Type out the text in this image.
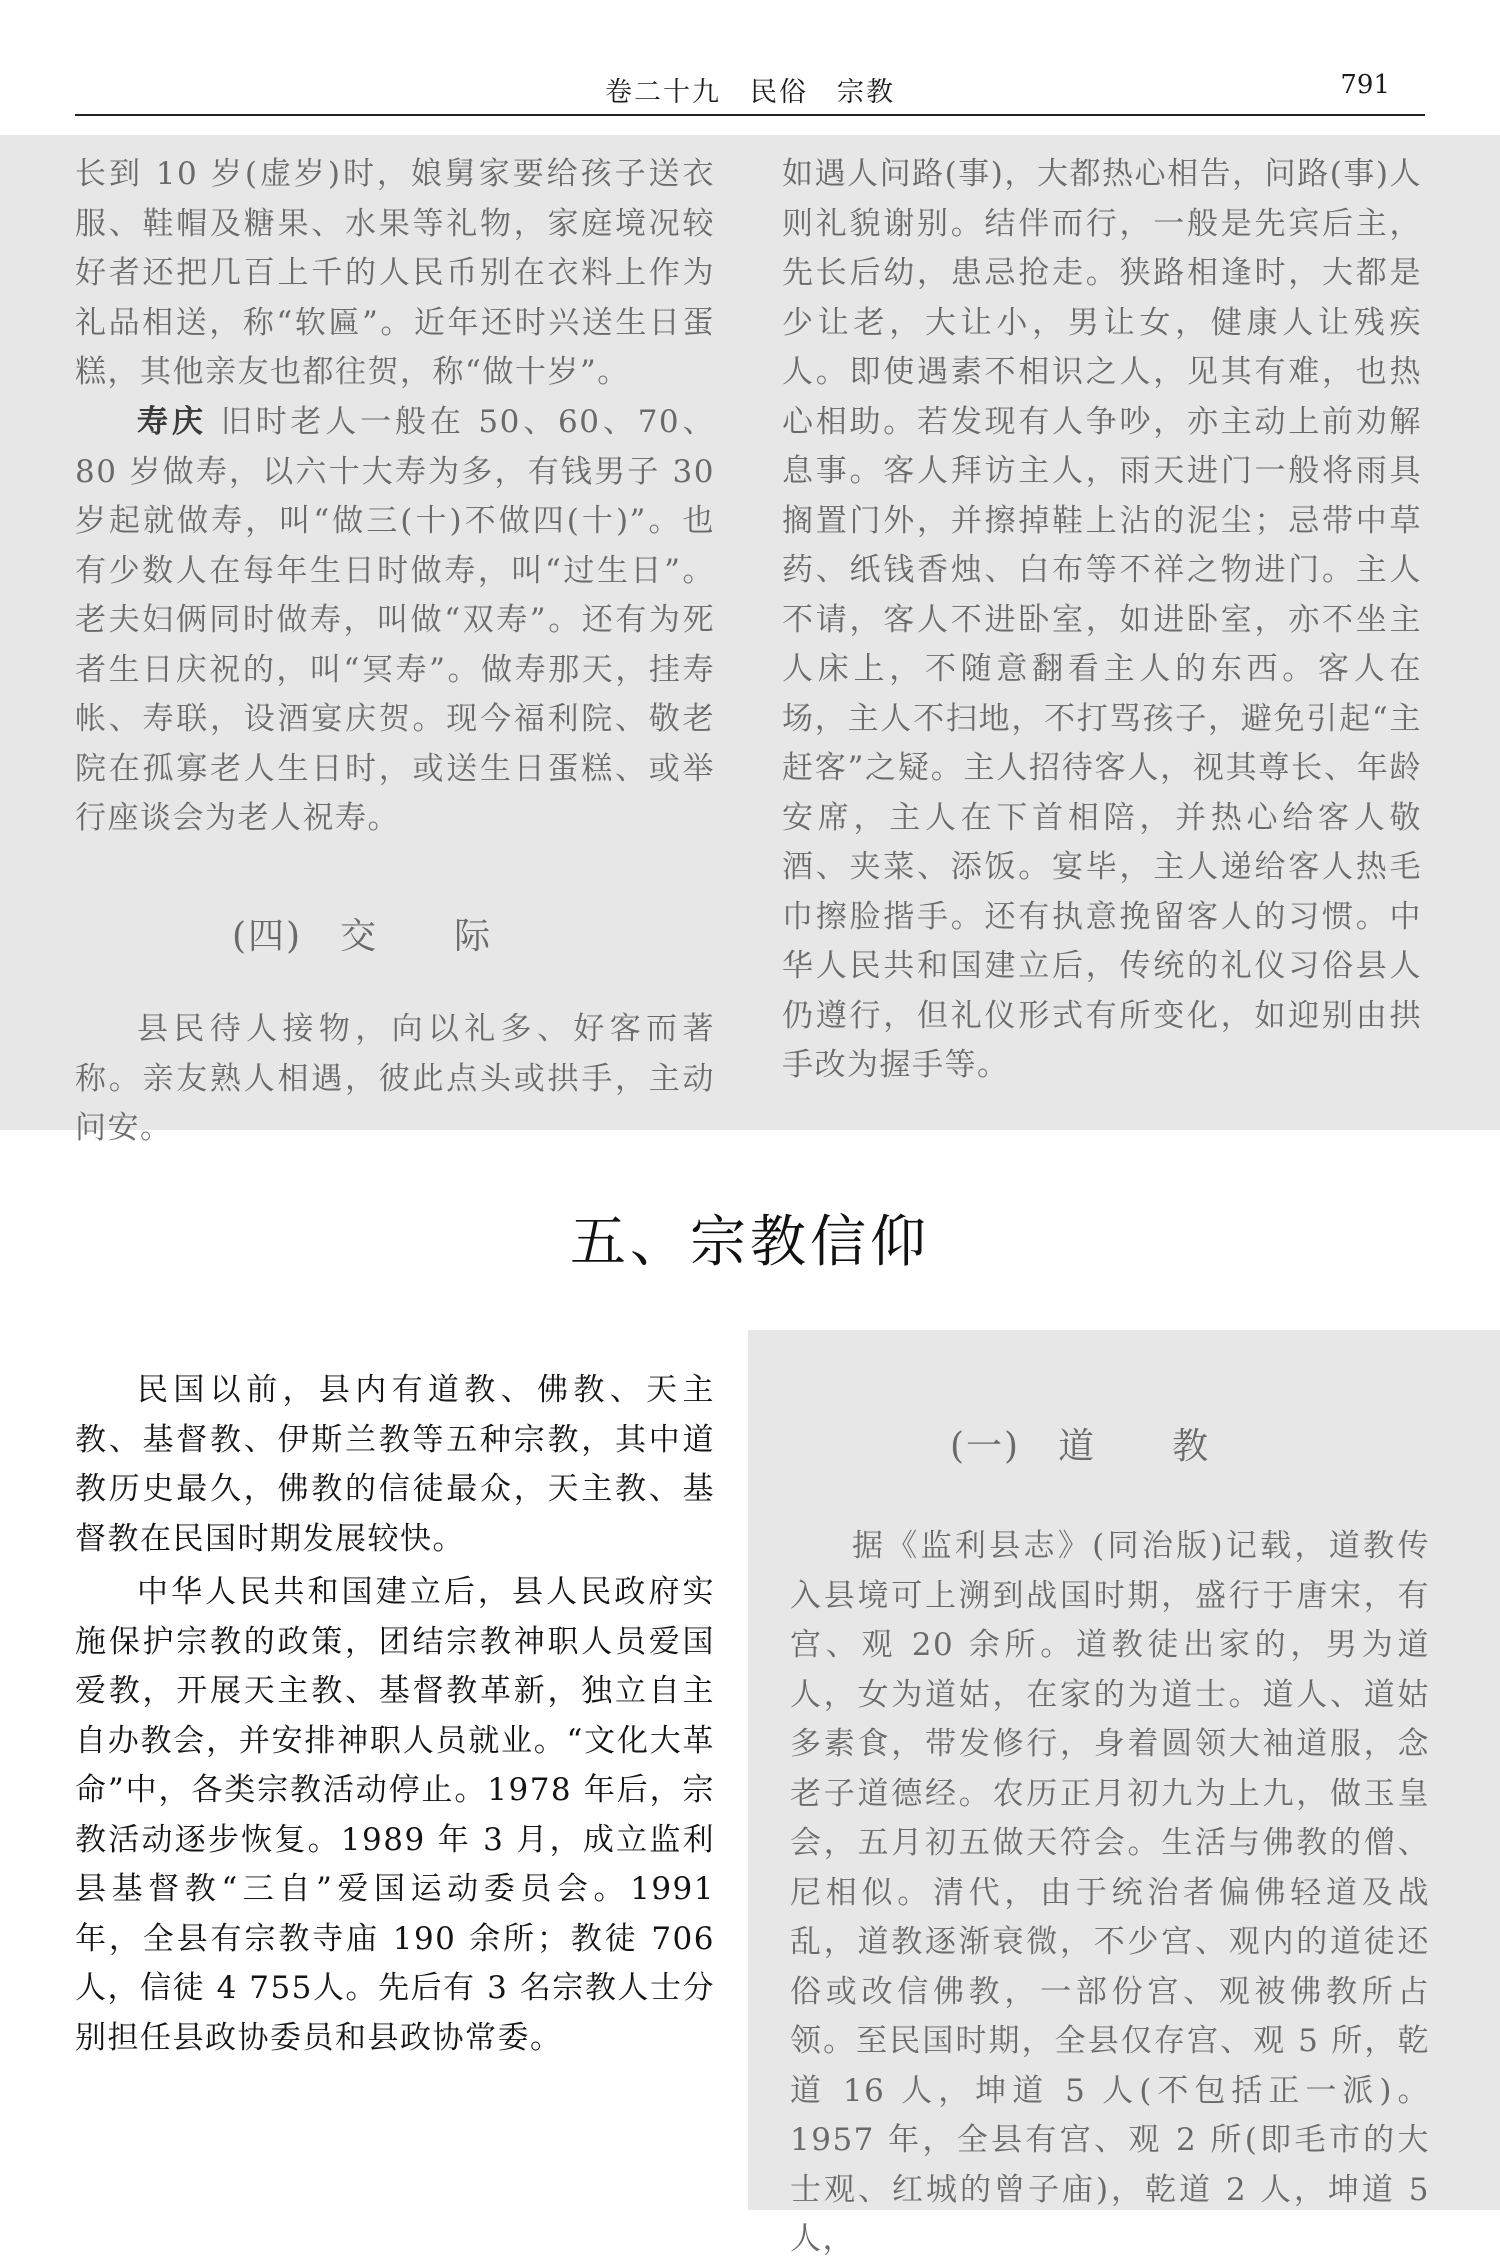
卷二十九　民俗　宗教	791

长到 10 岁(虚岁)时，娘舅家要给孩子送衣服、鞋帽及糖果、水果等礼物，家庭境况较好者还把几百上千的人民币别在衣料上作为礼品相送，称“软匾”。近年还时兴送生日蛋糕，其他亲友也都往贺，称“做十岁”。

寿庆 旧时老人一般在 50、60、70、80 岁做寿，以六十大寿为多，有钱男子 30 岁起就做寿，叫“做三(十)不做四(十)”。也有少数人在每年生日时做寿，叫“过生日”。老夫妇俩同时做寿，叫做“双寿”。还有为死者生日庆祝的，叫“冥寿”。做寿那天，挂寿帐、寿联，设酒宴庆贺。现今福利院、敬老院在孤寡老人生日时，或送生日蛋糕、或举行座谈会为老人祝寿。

(四)　交　　际

县民待人接物，向以礼多、好客而著称。亲友熟人相遇，彼此点头或拱手，主动问安。

如遇人问路(事)，大都热心相告，问路(事)人则礼貌谢别。结伴而行，一般是先宾后主，先长后幼，患忌抢走。狭路相逢时，大都是少让老，大让小，男让女，健康人让残疾人。即使遇素不相识之人，见其有难，也热心相助。若发现有人争吵，亦主动上前劝解息事。客人拜访主人，雨天进门一般将雨具搁置门外，并擦掉鞋上沾的泥尘；忌带中草药、纸钱香烛、白布等不祥之物进门。主人不请，客人不进卧室，如进卧室，亦不坐主人床上，不随意翻看主人的东西。客人在场，主人不扫地，不打骂孩子，避免引起“主赶客”之疑。主人招待客人，视其尊长、年龄安席，主人在下首相陪，并热心给客人敬酒、夹菜、添饭。宴毕，主人递给客人热毛巾擦脸揩手。还有执意挽留客人的习惯。中华人民共和国建立后，传统的礼仪习俗县人仍遵行，但礼仪形式有所变化，如迎别由拱手改为握手等。

五、宗教信仰

民国以前，县内有道教、佛教、天主教、基督教、伊斯兰教等五种宗教，其中道教历史最久，佛教的信徒最众，天主教、基督教在民国时期发展较快。

中华人民共和国建立后，县人民政府实施保护宗教的政策，团结宗教神职人员爱国爱教，开展天主教、基督教革新，独立自主自办教会，并安排神职人员就业。“文化大革命”中，各类宗教活动停止。1978 年后，宗教活动逐步恢复。1989 年 3 月，成立监利县基督教“三自”爱国运动委员会。1991 年，全县有宗教寺庙 190 余所；教徒 706 人，信徒 4 755人。先后有 3 名宗教人士分别担任县政协委员和县政协常委。

(一)　道　　教

据《监利县志》(同治版)记载，道教传入县境可上溯到战国时期，盛行于唐宋，有宫、观 20 余所。道教徒出家的，男为道人，女为道姑，在家的为道士。道人、道姑多素食，带发修行，身着圆领大袖道服，念老子道德经。农历正月初九为上九，做玉皇会，五月初五做天符会。生活与佛教的僧、尼相似。清代，由于统治者偏佛轻道及战乱，道教逐渐衰微，不少宫、观内的道徒还俗或改信佛教，一部份宫、观被佛教所占领。至民国时期，全县仅存宫、观 5 所，乾道 16 人，坤道 5 人(不包括正一派)。1957 年，全县有宫、观 2 所(即毛市的大士观、红城的曾子庙)，乾道 2 人，坤道 5 人，
